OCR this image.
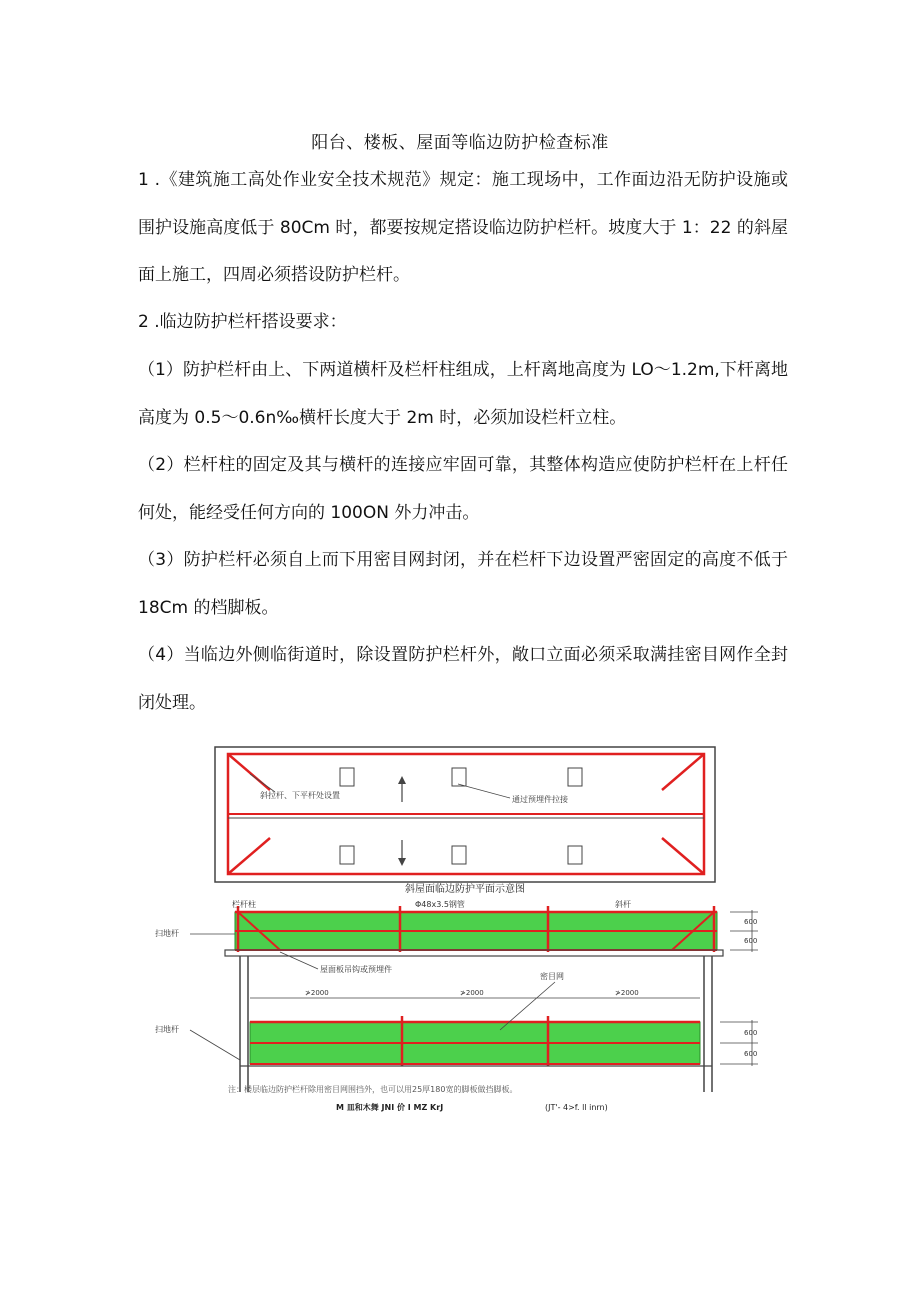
阳台、楼板、屋面等临边防护检查标准

1 .《建筑施工高处作业安全技术规范》规定：施工现场中，工作面边沿无防护设施或围护设施高度低于 80Cm 时，都要按规定搭设临边防护栏杆。坡度大于 1：22 的斜屋面上施工，四周必须搭设防护栏杆。

2 .临边防护栏杆搭设要求：

（1）防护栏杆由上、下两道横杆及栏杆柱组成，上杆离地高度为 LO～1.2m,下杆离地高度为 0.5～0.6n‰横杆长度大于 2m 时，必须加设栏杆立柱。

（2）栏杆柱的固定及其与横杆的连接应牢固可靠，其整体构造应使防护栏杆在上杆任何处，能经受任何方向的 100ON 外力冲击。

（3）防护栏杆必须自上而下用密目网封闭，并在栏杆下边设置严密固定的高度不低于 18Cm 的档脚板。

（4）当临边外侧临街道时，除设置防护栏杆外，敞口立面必须采取满挂密目网作全封闭处理。

斜拉杆、下平杆处设置	通过预埋件拉接
斜屋面临边防护平面示意图
600
600
≯2000	≯2000	≯2000
600
600
栏杆柱	Φ48x3.5钢管	斜杆
扫地杆
屋面板吊钩或预埋件
密目网
扫地杆
注：楼层临边防护栏杆除用密目网围挡外，也可以用25厚180宽的脚板做挡脚板。
M 皿和木舞 JNI 价 I MZ KrJ	(JT'- 4>f. ll inrn)
